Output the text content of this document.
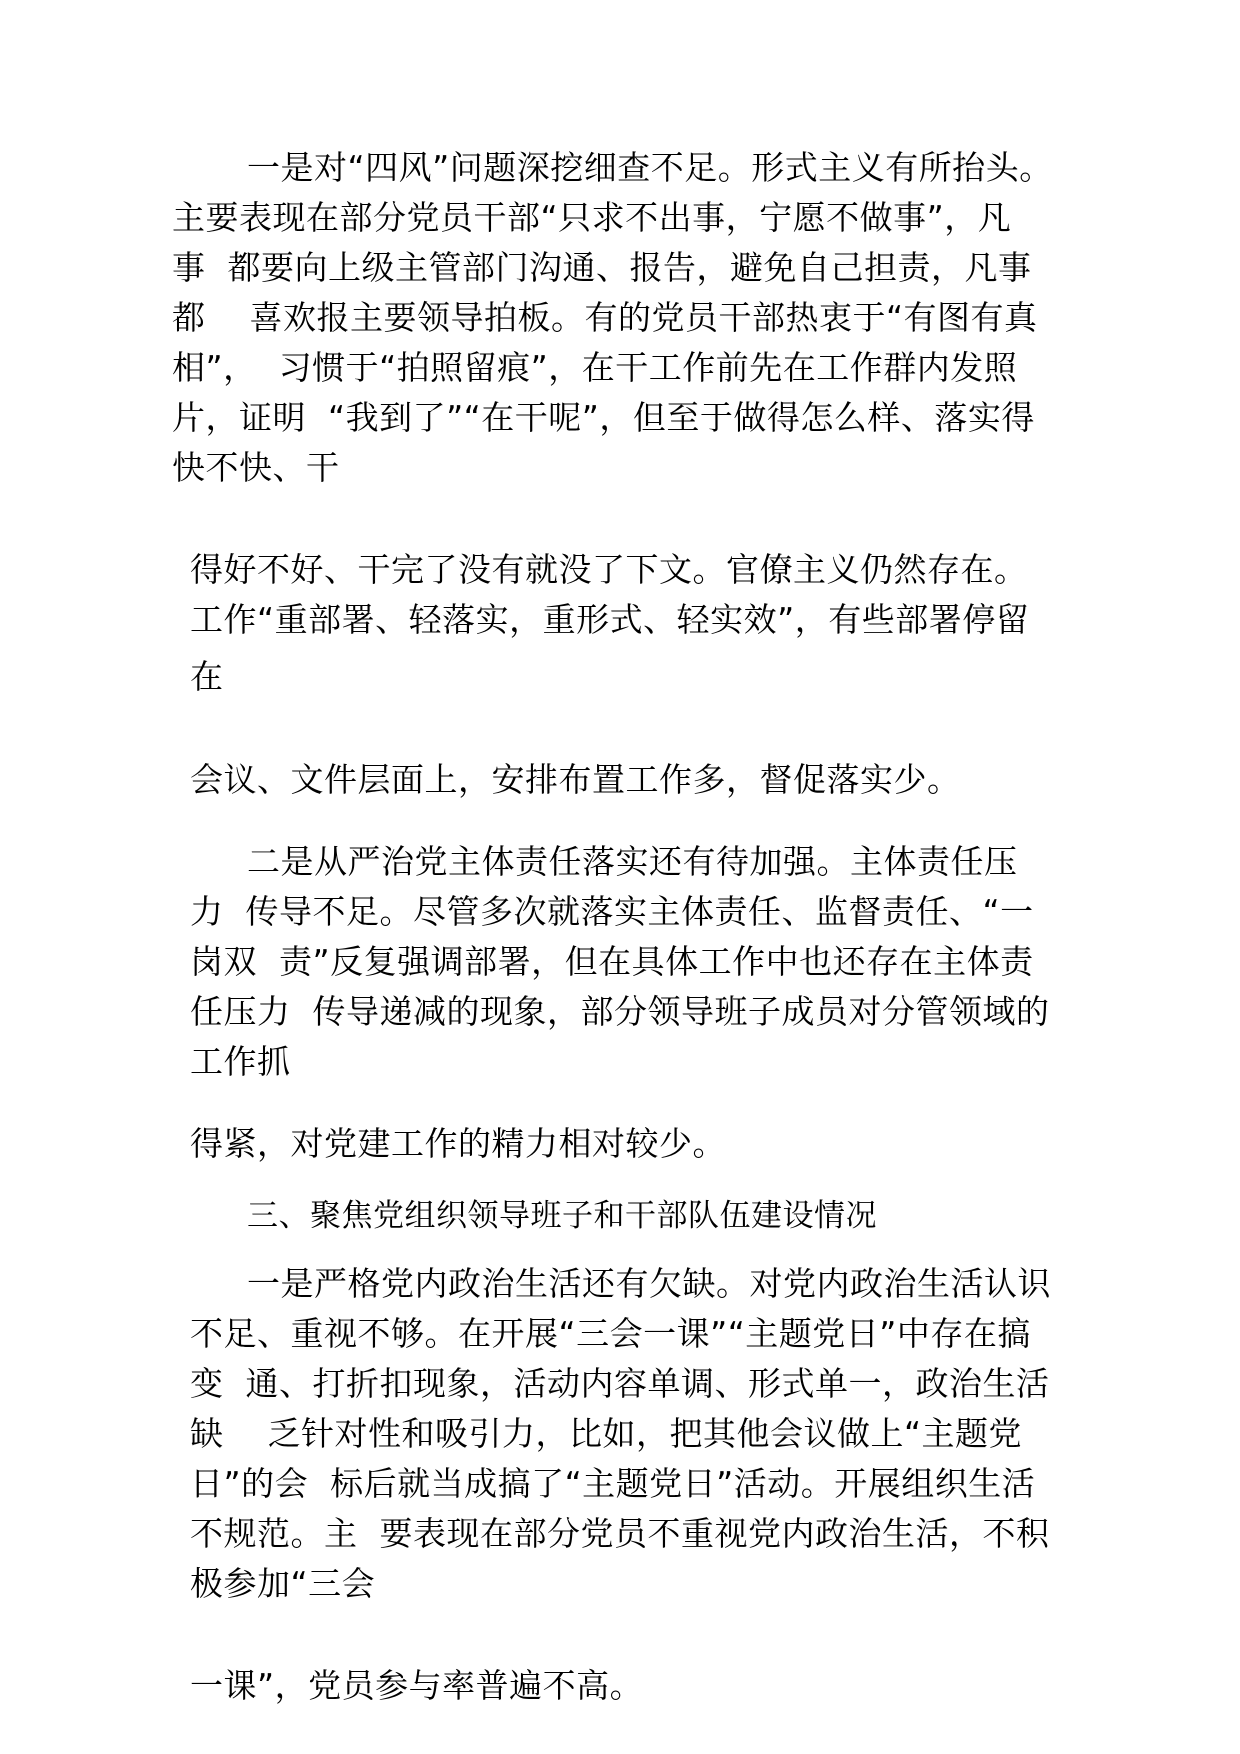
一是对“四风”问题深挖细查不足。形式主义有所抬头。

主要表现在部分党员干部“只求不出事，宁愿不做事”，凡

事  都要向上级主管部门沟通、报告，避免自己担责，凡事

都    喜欢报主要领导拍板。有的党员干部热衷于“有图有真

相”，  习惯于“拍照留痕”，在干工作前先在工作群内发照

片，证明  “我到了”“在干呢”，但至于做得怎么样、落实得

快不快、干

得好不好、干完了没有就没了下文。官僚主义仍然存在。

工作“重部署、轻落实，重形式、轻实效”，有些部署停留

在

会议、文件层面上，安排布置工作多，督促落实少。

二是从严治党主体责任落实还有待加强。主体责任压

力  传导不足。尽管多次就落实主体责任、监督责任、“一

岗双  责”反复强调部署，但在具体工作中也还存在主体责

任压力  传导递减的现象，部分领导班子成员对分管领域的

工作抓

得紧，对党建工作的精力相对较少。

三、聚焦党组织领导班子和干部队伍建设情况

一是严格党内政治生活还有欠缺。对党内政治生活认识

不足、重视不够。在开展“三会一课”“主题党日”中存在搞

变  通、打折扣现象，活动内容单调、形式单一，政治生活

缺    乏针对性和吸引力，比如，把其他会议做上“主题党

日”的会  标后就当成搞了“主题党日”活动。开展组织生活

不规范。主  要表现在部分党员不重视党内政治生活，不积

极参加“三会

一课”，党员参与率普遍不高。
